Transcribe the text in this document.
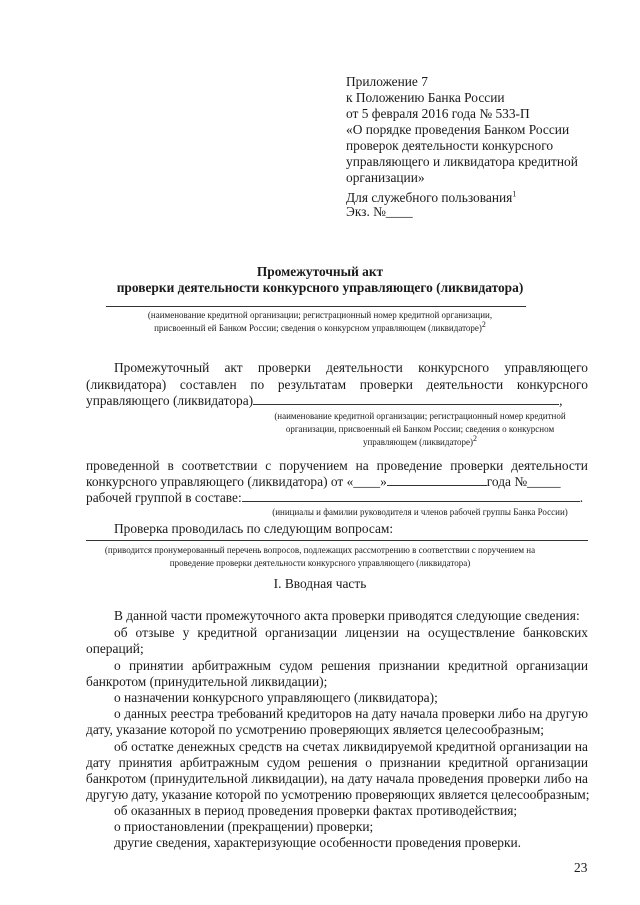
Приложение 7
к Положению Банка России
от 5 февраля 2016 года № 533-П
«О порядке проведения Банком России
проверок деятельности конкурсного
управляющего и ликвидатора кредитной
организации»
Для служебного пользования$^1$
Экз. №____
Промежуточный акт
проверки деятельности конкурсного управляющего (ликвидатора)
(наименование кредитной организации; регистрационный номер кредитной организации,
присвоенный ей Банком России; сведения о конкурсном управляющем (ликвидаторе)$^2$
Промежуточный акт проверки деятельности конкурсного управляющего
(ликвидатора) составлен по результатам проверки деятельности конкурсного
управляющего (ликвидатора)	,
(наименование кредитной организации; регистрационный номер кредитной
организации, присвоенный ей Банком России; сведения о конкурсном
управляющем (ликвидаторе)$^2$
проведенной в соответствии с поручением на проведение проверки деятельности
конкурсного управляющего (ликвидатора) от «____»	года №_____
рабочей группой в составе:	.
(инициалы и фамилии руководителя и членов рабочей группы Банка России)
Проверка проводилась по следующим вопросам:
(приводится пронумерованный перечень вопросов, подлежащих рассмотрению в соответствии с поручением на
проведение проверки деятельности конкурсного управляющего (ликвидатора)
I. Вводная часть
В данной части промежуточного акта проверки приводятся следующие сведения:
об отзыве у кредитной организации лицензии на осуществление банковских
операций;
о принятии арбитражным судом решения признании кредитной организации
банкротом (принудительной ликвидации);
о назначении конкурсного управляющего (ликвидатора);
о данных реестра требований кредиторов на дату начала проверки либо на другую
дату, указание которой по усмотрению проверяющих является целесообразным;
об остатке денежных средств на счетах ликвидируемой кредитной организации на
дату принятия арбитражным судом решения о признании кредитной организации
банкротом (принудительной ликвидации), на дату начала проведения проверки либо на
другую дату, указание которой по усмотрению проверяющих является целесообразным;
об оказанных в период проведения проверки фактах противодействия;
о приостановлении (прекращении) проверки;
другие сведения, характеризующие особенности проведения проверки.
23
